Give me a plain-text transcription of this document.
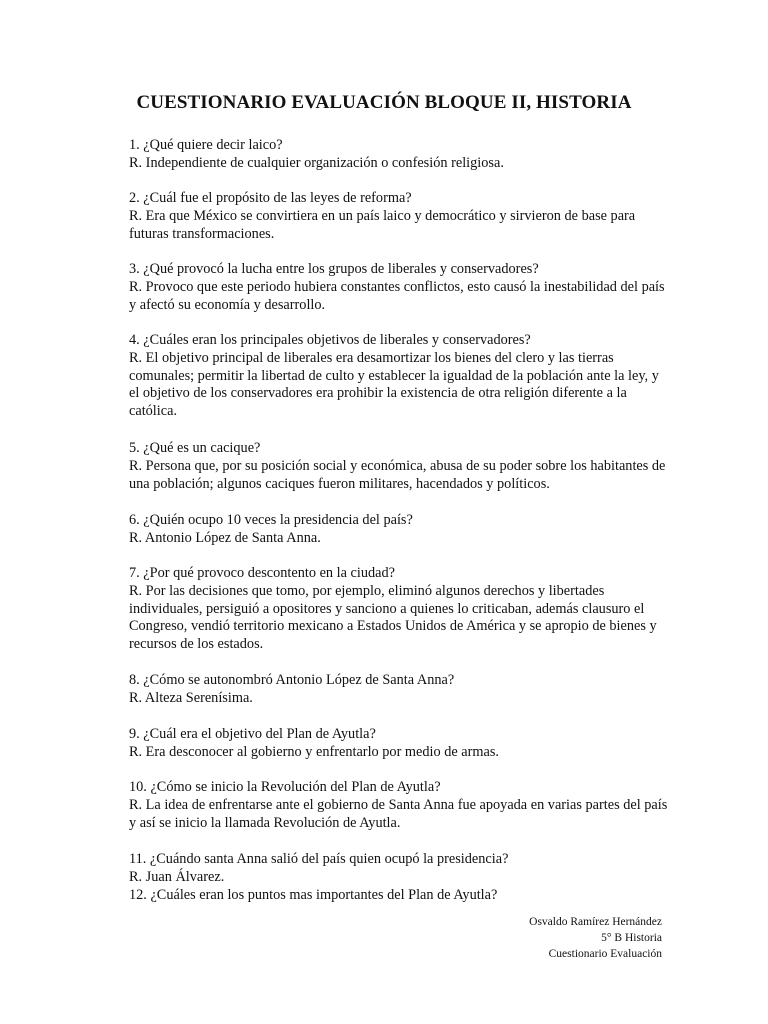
CUESTIONARIO EVALUACIÓN BLOQUE II, HISTORIA

1. ¿Qué quiere decir laico?

R. Independiente de cualquier organización o confesión religiosa.

2. ¿Cuál fue el propósito de las leyes de reforma?

R. Era que México se convirtiera en un país laico y democrático y sirvieron de base para futuras transformaciones.

3. ¿Qué provocó la lucha entre los grupos de liberales y conservadores?

R. Provoco que este periodo hubiera constantes conflictos, esto causó la inestabilidad del país y afectó su economía y desarrollo.

4. ¿Cuáles eran los principales objetivos de liberales y conservadores?

R. El objetivo principal de liberales era desamortizar los bienes del clero y las tierras comunales; permitir la libertad de culto y establecer la igualdad de la población ante la ley, y el objetivo de los conservadores era prohibir la existencia de otra religión diferente a la católica.

5. ¿Qué es un cacique?

R. Persona que, por su posición social y económica, abusa de su poder sobre los habitantes de una población; algunos caciques fueron militares, hacendados y políticos.

6. ¿Quién ocupo 10 veces la presidencia del país?

R. Antonio López de Santa Anna.

7. ¿Por qué provoco descontento en la ciudad?

R. Por las decisiones que tomo, por ejemplo, eliminó algunos derechos y libertades individuales, persiguió a opositores y sanciono a quienes lo criticaban, además clausuro el Congreso, vendió territorio mexicano a Estados Unidos de América y se apropio de bienes y recursos de los estados.

8. ¿Cómo se autonombró Antonio López de Santa Anna?

R. Alteza Serenísima.

9. ¿Cuál era el objetivo del Plan de Ayutla?

R. Era desconocer al gobierno y enfrentarlo por medio de armas.

10. ¿Cómo se inicio la Revolución del Plan de Ayutla?

R. La idea de enfrentarse ante el gobierno de Santa Anna fue apoyada en varias partes del país y así se inicio la llamada Revolución de Ayutla.

11. ¿Cuándo santa Anna salió del país quien ocupó la presidencia?

R. Juan Álvarez.

12. ¿Cuáles eran los puntos mas importantes del Plan de Ayutla?

Osvaldo Ramírez Hernández
5° B Historia
Cuestionario Evaluación
